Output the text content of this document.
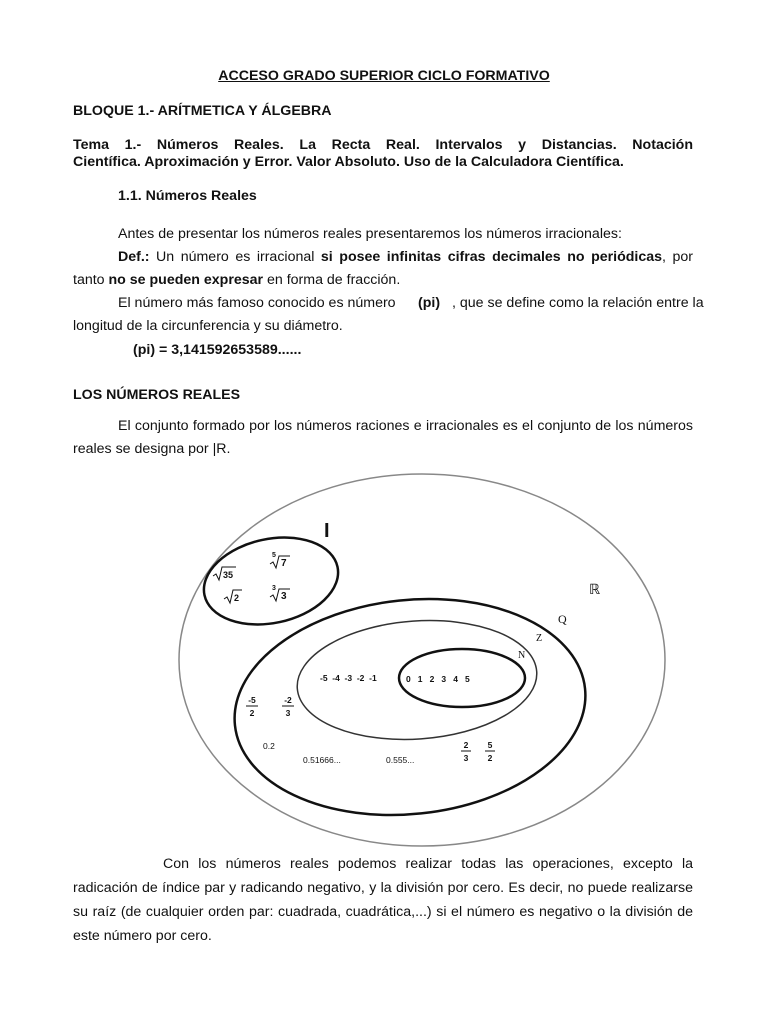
ACCESO GRADO SUPERIOR CICLO FORMATIVO

BLOQUE 1.- ARÍTMETICA Y ÁLGEBRA

Tema 1.- Números Reales. La Recta Real. Intervalos y Distancias. Notación

Científica. Aproximación y Error. Valor Absoluto. Uso de la Calculadora Científica.

1.1. Números Reales

Antes de presentar los números reales presentaremos los números irracionales:

Def.: Un número es irracional si posee infinitas cifras decimales no periódicas, por

tanto no se pueden expresar en forma de fracción.

El número más famoso conocido es número (pi) , que se define como la relación entre la

longitud de la circunferencia y su diámetro.

(pi) = 3,141592653589......

LOS NÚMEROS REALES

El conjunto formado por los números raciones e irracionales es el conjunto de los números

reales se designa por |R.

I
ℝ
Q
Z
N
35
5
7
2
3
3
0   1   2   3   4   5
-5  -4  -3  -2  -1
-5
2
-2
3
2
3
5
2
0.2
0.51666...	0.555...

Con los números reales podemos realizar todas las operaciones, excepto la

radicación de índice par y radicando negativo, y la división por cero. Es decir, no puede realizarse

su raíz (de cualquier orden par: cuadrada, cuadrática,...) si el número es negativo o la división de

este número por cero.
